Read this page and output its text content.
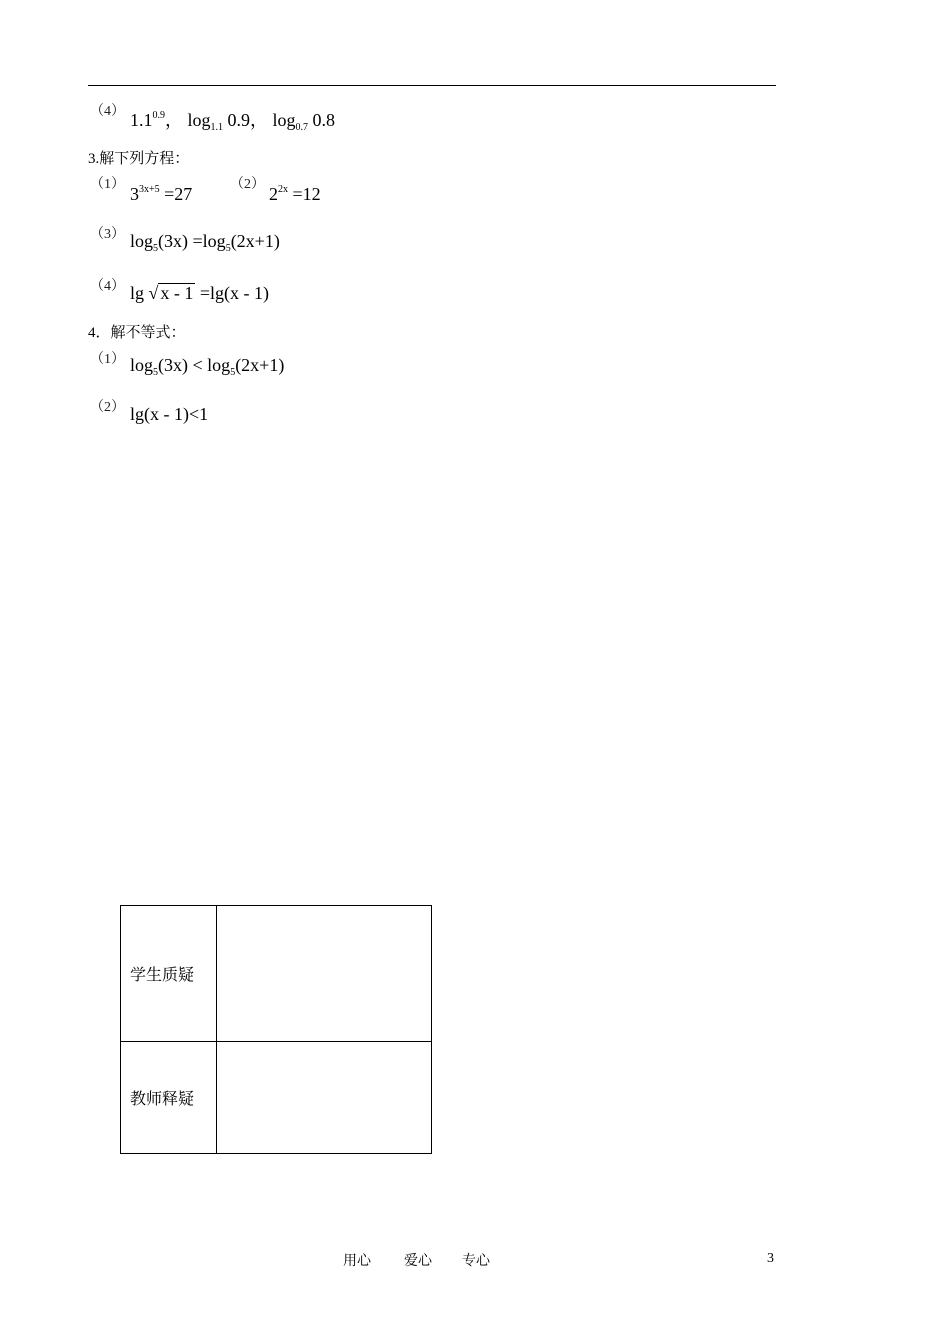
（4） $1.1^{0.9}$， $\log_{1.1} 0.9$， $\log_{0.7} 0.8$
3.解下列方程：
（1） $3^{3x+5} =27$	（2） $2^{2x} =12$
（3） $\log_5(3x) =\log_5(2x+1)$
（4） lg √ x - 1 =lg(x - 1)
4．解不等式：
（1） $\log_5(3x) < \log_5(2x+1)$
（2） lg(x - 1)<1
学生质疑	
教师释疑	
用心 爱心 专心	3
